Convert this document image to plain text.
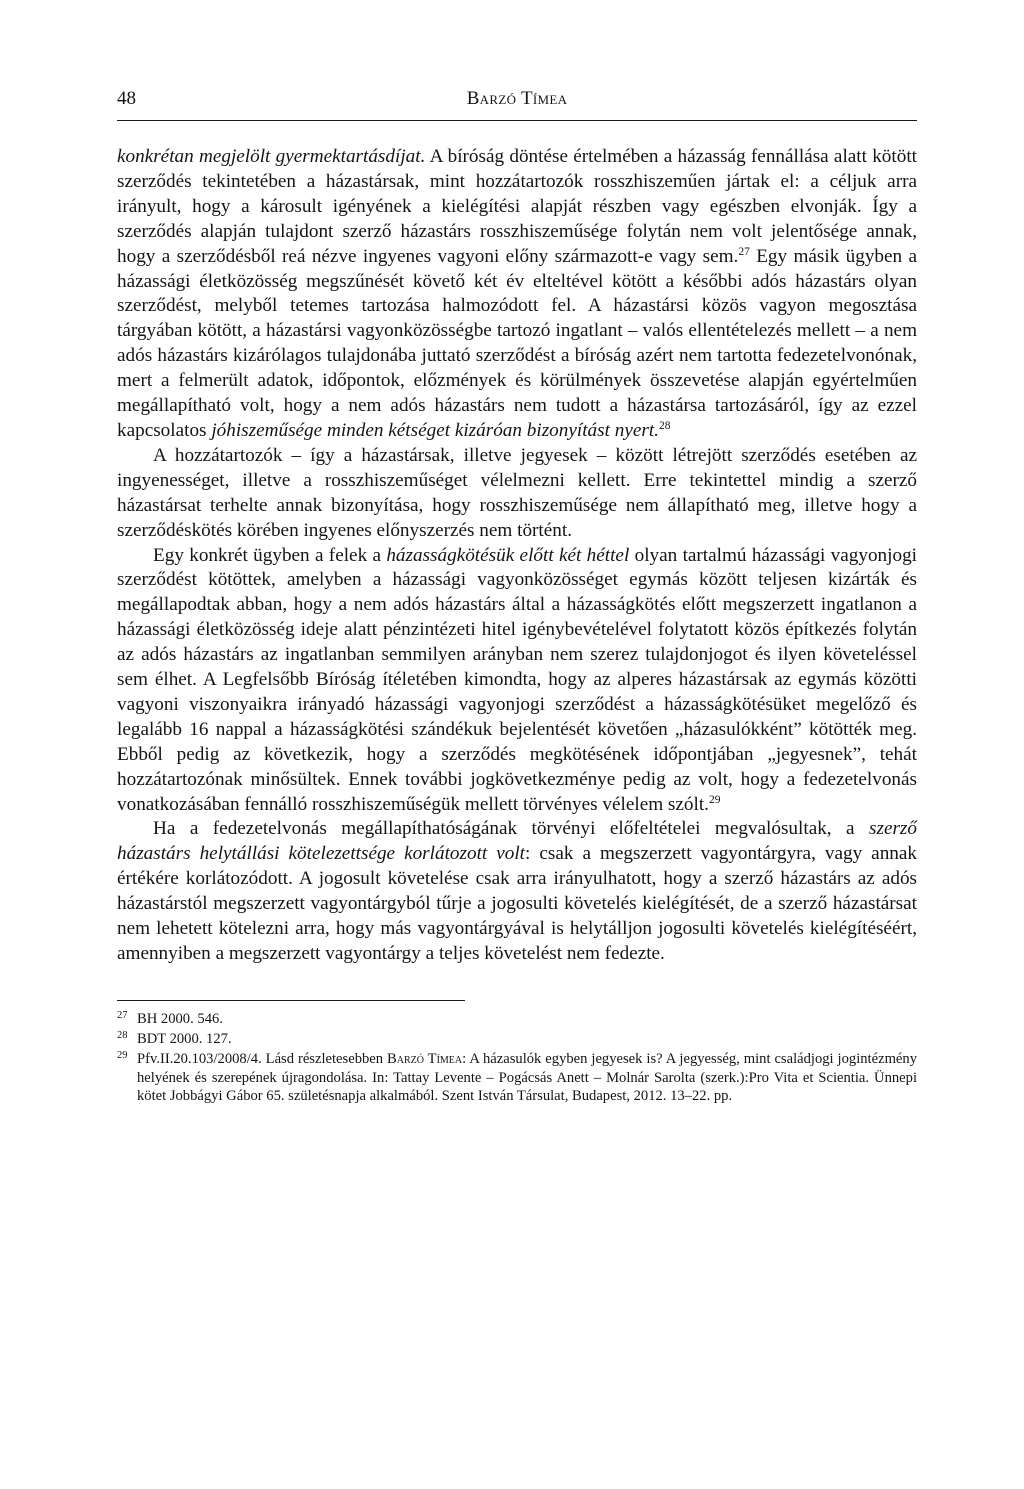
48	Barzó Tímea

konkrétan megjelölt gyermektartásdíjat. A bíróság döntése értelmében a házasság fennállása alatt kötött szerződés tekintetében a házastársak, mint hozzátartozók rosszhiszeműen jártak el: a céljuk arra irányult, hogy a károsult igényének a kielégítési alapját részben vagy egészben elvonják. Így a szerződés alapján tulajdont szerző házastárs rosszhiszeműsége folytán nem volt jelentősége annak, hogy a szerződésből reá nézve ingyenes vagyoni előny származott-e vagy sem.$^{27}$ Egy másik ügyben a házassági életközösség megszűnését követő két év elteltével kötött a későbbi adós házastárs olyan szerződést, melyből tetemes tartozása halmozódott fel. A házastársi közös vagyon megosztása tárgyában kötött, a házastársi vagyonközösségbe tartozó ingatlant – valós ellentételezés mellett – a nem adós házastárs kizárólagos tulajdonába juttató szerződést a bíróság azért nem tartotta fedezetelvonónak, mert a felmerült adatok, időpontok, előzmények és körülmények összevetése alapján egyértelműen megállapítható volt, hogy a nem adós házastárs nem tudott a házastársa tartozásáról, így az ezzel kapcsolatos jóhiszeműsége minden kétséget kizáróan bizonyítást nyert.$^{28}$

A hozzátartozók – így a házastársak, illetve jegyesek – között létrejött szerződés esetében az ingyenességet, illetve a rosszhiszeműséget vélelmezni kellett. Erre tekintettel mindig a szerző házastársat terhelte annak bizonyítása, hogy rosszhiszeműsége nem állapítható meg, illetve hogy a szerződéskötés körében ingyenes előnyszerzés nem történt.

Egy konkrét ügyben a felek a házasságkötésük előtt két héttel olyan tartalmú házassági vagyonjogi szerződést kötöttek, amelyben a házassági vagyonközösséget egymás között teljesen kizárták és megállapodtak abban, hogy a nem adós házastárs által a házasságkötés előtt megszerzett ingatlanon a házassági életközösség ideje alatt pénzintézeti hitel igénybevételével folytatott közös építkezés folytán az adós házastárs az ingatlanban semmilyen arányban nem szerez tulajdonjogot és ilyen követeléssel sem élhet. A Legfelsőbb Bíróság ítéletében kimondta, hogy az alperes házastársak az egymás közötti vagyoni viszonyaikra irányadó házassági vagyonjogi szerződést a házasságkötésüket megelőző és legalább 16 nappal a házasságkötési szándékuk bejelentését követően „házasulókként” kötötték meg. Ebből pedig az következik, hogy a szerződés megkötésének időpontjában „jegyesnek”, tehát hozzátartozónak minősültek. Ennek további jogkövetkezménye pedig az volt, hogy a fedezetelvonás vonatkozásában fennálló rosszhiszeműségük mellett törvényes vélelem szólt.$^{29}$

Ha a fedezetelvonás megállapíthatóságának törvényi előfeltételei megvalósultak, a szerző házastárs helytállási kötelezettsége korlátozott volt: csak a megszerzett vagyontárgyra, vagy annak értékére korlátozódott. A jogosult követelése csak arra irányulhatott, hogy a szerző házastárs az adós házastárstól megszerzett vagyontárgyból tűrje a jogosulti követelés kielégítését, de a szerző házastársat nem lehetett kötelezni arra, hogy más vagyontárgyával is helytálljon jogosulti követelés kielégítéséért, amennyiben a megszerzett vagyontárgy a teljes követelést nem fedezte.

27 BH 2000. 546.
28 BDT 2000. 127.
29 Pfv.II.20.103/2008/4. Lásd részletesebben Barzó Tímea: A házasulók egyben jegyesek is? A jegyesség, mint családjogi jogintézmény helyének és szerepének újragondolása. In: Tattay Levente – Pogácsás Anett – Molnár Sarolta (szerk.):Pro Vita et Scientia. Ünnepi kötet Jobbágyi Gábor 65. születésnapja alkalmából. Szent István Társulat, Budapest, 2012. 13–22. pp.
